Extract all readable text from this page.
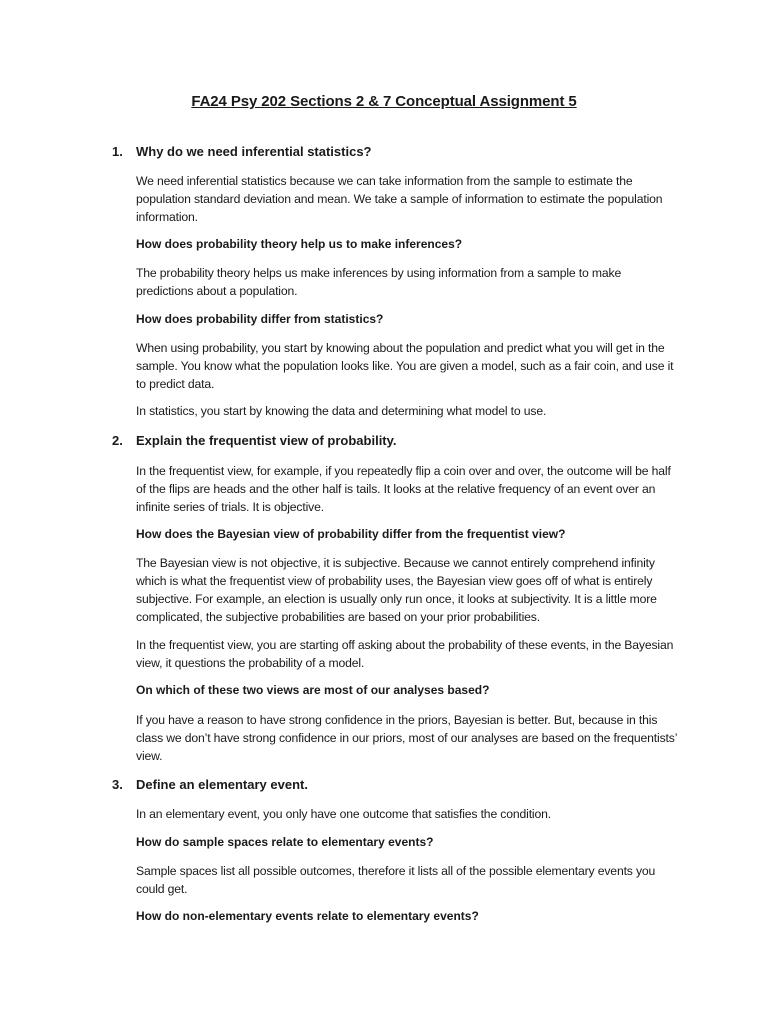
FA24 Psy 202 Sections 2 & 7 Conceptual Assignment 5
1. Why do we need inferential statistics?
We need inferential statistics because we can take information from the sample to estimate the population standard deviation and mean. We take a sample of information to estimate the population information.
How does probability theory help us to make inferences?
The probability theory helps us make inferences by using information from a sample to make predictions about a population.
How does probability differ from statistics?
When using probability, you start by knowing about the population and predict what you will get in the sample. You know what the population looks like. You are given a model, such as a fair coin, and use it to predict data.
In statistics, you start by knowing the data and determining what model to use.
2. Explain the frequentist view of probability.
In the frequentist view, for example, if you repeatedly flip a coin over and over, the outcome will be half of the flips are heads and the other half is tails. It looks at the relative frequency of an event over an infinite series of trials. It is objective.
How does the Bayesian view of probability differ from the frequentist view?
The Bayesian view is not objective, it is subjective. Because we cannot entirely comprehend infinity which is what the frequentist view of probability uses, the Bayesian view goes off of what is entirely subjective. For example, an election is usually only run once, it looks at subjectivity. It is a little more complicated, the subjective probabilities are based on your prior probabilities.
In the frequentist view, you are starting off asking about the probability of these events, in the Bayesian view, it questions the probability of a model.
On which of these two views are most of our analyses based?
If you have a reason to have strong confidence in the priors, Bayesian is better. But, because in this class we don’t have strong confidence in our priors, most of our analyses are based on the frequentists’ view.
3. Define an elementary event.
In an elementary event, you only have one outcome that satisfies the condition.
How do sample spaces relate to elementary events?
Sample spaces list all possible outcomes, therefore it lists all of the possible elementary events you could get.
How do non-elementary events relate to elementary events?
